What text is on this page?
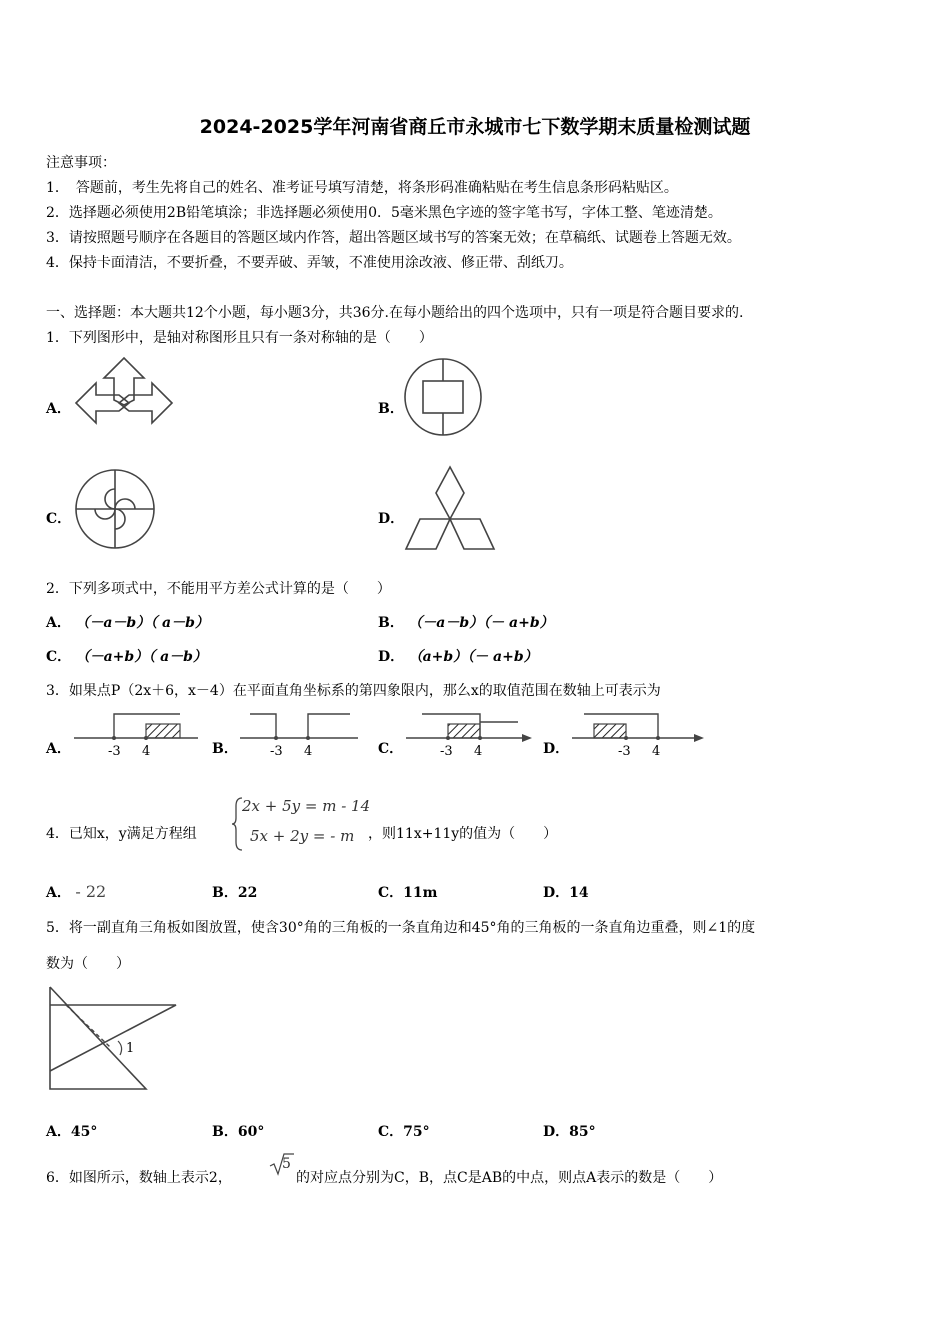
2024-2025学年河南省商丘市永城市七下数学期末质量检测试题
注意事项：
1．　答题前，考生先将自己的姓名、准考证号填写清楚，将条形码准确粘贴在考生信息条形码粘贴区。
2．选择题必须使用2B铅笔填涂；非选择题必须使用0．5毫米黑色字迹的签字笔书写，字体工整、笔迹清楚。
3．请按照题号顺序在各题目的答题区域内作答，超出答题区域书写的答案无效；在草稿纸、试题卷上答题无效。
4．保持卡面清洁，不要折叠，不要弄破、弄皱，不准使用涂改液、修正带、刮纸刀。
一、选择题：本大题共12个小题，每小题3分，共36分.在每小题给出的四个选项中，只有一项是符合题目要求的.
1．下列图形中，是轴对称图形且只有一条对称轴的是（　　）
A．	B．
C．	D．
2．下列多项式中，不能用平方差公式计算的是（　　）
A． （－a－b）（ a－b）	B． （－a－b）（－ a+b）
C． （－a+b）（ a－b）	D． （a+b）（－ a+b）
3．如果点P（2x＋6，x－4）在平面直角坐标系的第四象限内，那么x的取值范围在数轴上可表示为
A．	-3 4	B． -3 4	C．	-3 4	D．	-3 4
4．已知x，y满足方程组
2x + 5y = m - 14
5x + 2y = - m ，则11x+11y的值为（　　）
A． - 22	B．22	C．11m	D．14
5．将一副直角三角板如图放置，使含30°角的三角板的一条直角边和45°角的三角板的一条直角边重叠，则∠1的度
数为（　　）
1
A．45°	B．60°	C．75°	D．85°
6．如图所示，数轴上表示2，
5
的对应点分别为C，B，点C是AB的中点，则点A表示的数是（　　）
